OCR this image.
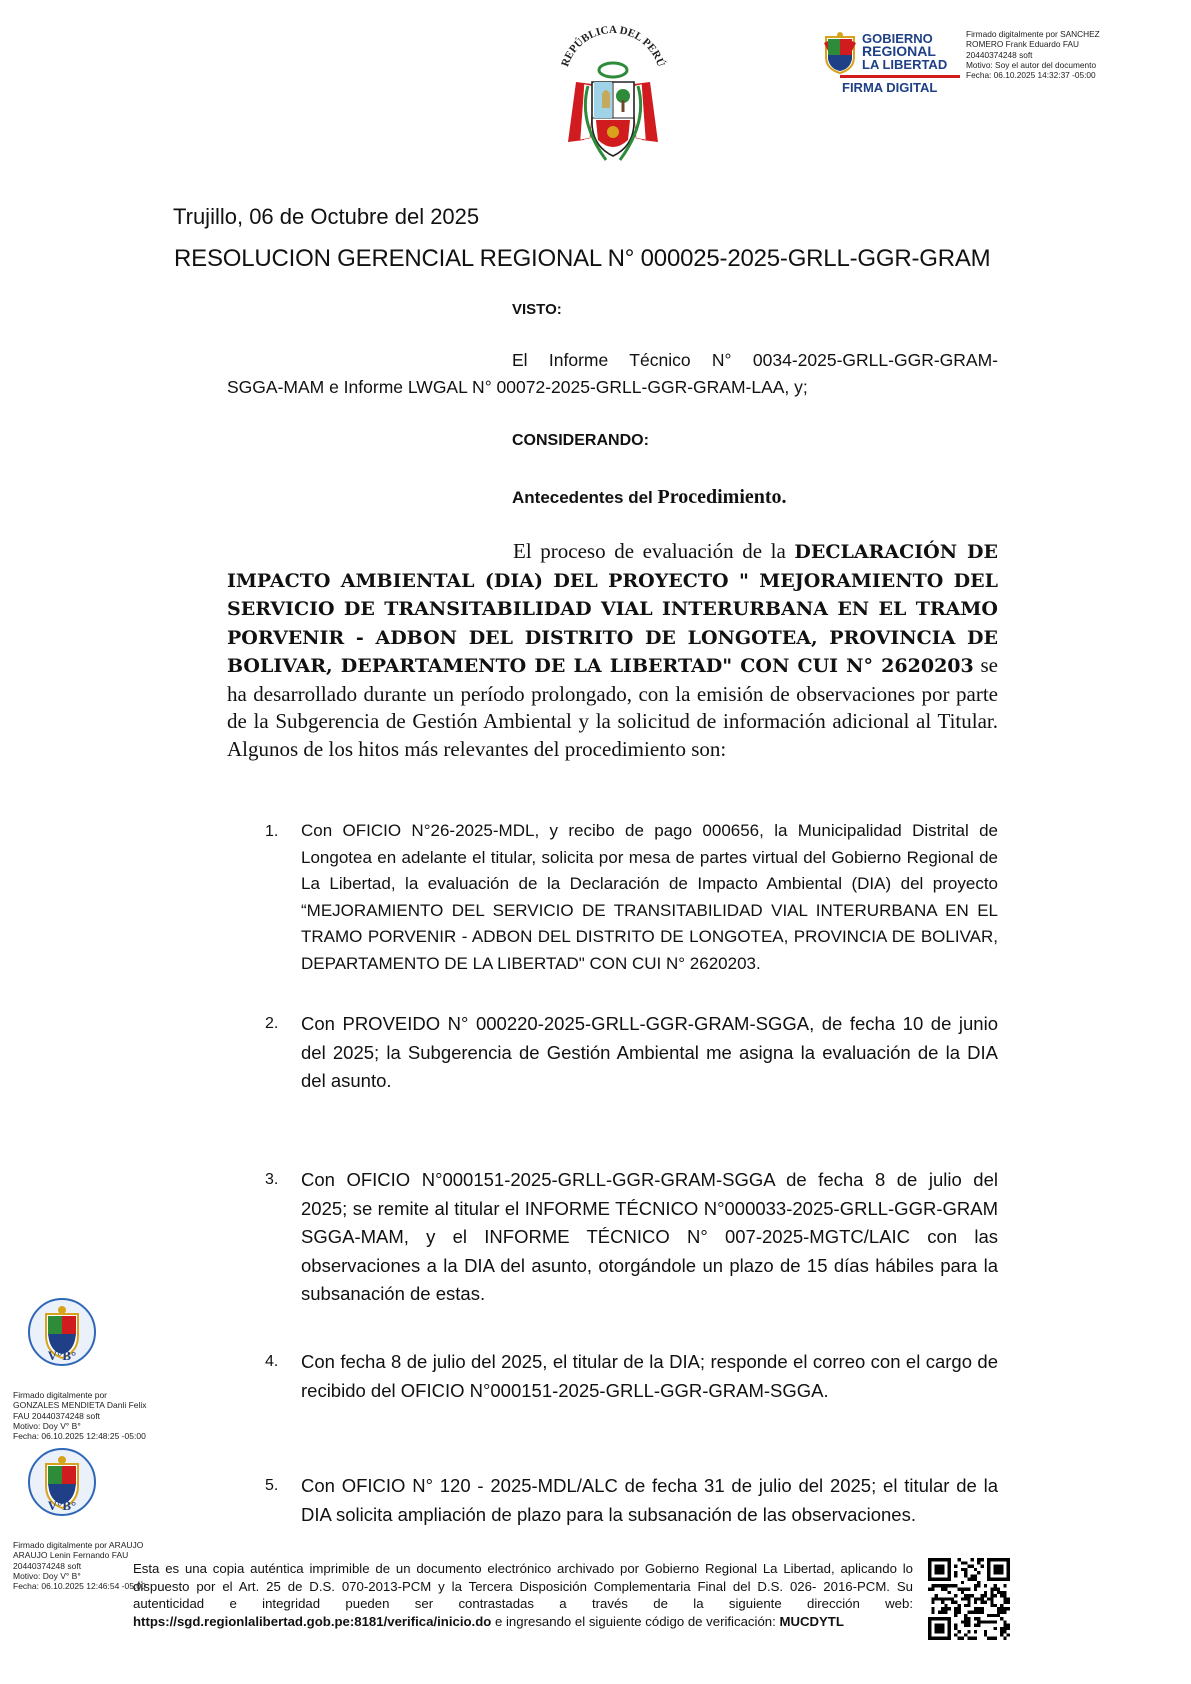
REPÚBLICA DEL PERÚ
GOBIERNO
REGIONAL
LA LIBERTAD
FIRMA DIGITAL
Firmado digitalmente por SANCHEZ
ROMERO Frank Eduardo FAU
20440374248 soft
Motivo: Soy el autor del documento
Fecha: 06.10.2025 14:32:37 -05:00
Trujillo, 06 de Octubre del 2025
RESOLUCION GERENCIAL REGIONAL N° 000025-2025-GRLL-GGR-GRAM
VISTO:
El Informe Técnico N° 0034-2025-GRLL-GGR-GRAM-
SGGA-MAM e Informe LWGAL N° 00072-2025-GRLL-GGR-GRAM-LAA, y;
CONSIDERANDO:
Antecedentes del Procedimiento.
El proceso de evaluación de la DECLARACIÓN DE IMPACTO AMBIENTAL (DIA) DEL PROYECTO " MEJORAMIENTO DEL SERVICIO DE TRANSITABILIDAD VIAL INTERURBANA EN EL TRAMO PORVENIR - ADBON DEL DISTRITO DE LONGOTEA, PROVINCIA DE BOLIVAR, DEPARTAMENTO DE LA LIBERTAD" CON CUI N° 2620203 se ha desarrollado durante un período prolongado, con la emisión de observaciones por parte de la Subgerencia de Gestión Ambiental y la solicitud de información adicional al Titular. Algunos de los hitos más relevantes del procedimiento son:
1.	Con OFICIO N°26-2025-MDL, y recibo de pago 000656, la Municipalidad Distrital de Longotea en adelante el titular, solicita por mesa de partes virtual del Gobierno Regional de La Libertad, la evaluación de la Declaración de Impacto Ambiental (DIA) del proyecto “MEJORAMIENTO DEL SERVICIO DE TRANSITABILIDAD VIAL INTERURBANA EN EL TRAMO PORVENIR - ADBON DEL DISTRITO DE LONGOTEA, PROVINCIA DE BOLIVAR, DEPARTAMENTO DE LA LIBERTAD" CON CUI N° 2620203.
2.	Con PROVEIDO N° 000220-2025-GRLL-GGR-GRAM-SGGA, de fecha 10 de junio del 2025; la Subgerencia de Gestión Ambiental me asigna la evaluación de la DIA del asunto.
3.	Con OFICIO N°000151-2025-GRLL-GGR-GRAM-SGGA de fecha 8 de julio del 2025; se remite al titular el INFORME TÉCNICO N°000033-2025-GRLL-GGR-GRAM SGGA-MAM, y el INFORME TÉCNICO N° 007-2025-MGTC/LAIC con las observaciones a la DIA del asunto, otorgándole un plazo de 15 días hábiles para la subsanación de estas.
4.	Con fecha 8 de julio del 2025, el titular de la DIA; responde el correo con el cargo de recibido del OFICIO N°000151-2025-GRLL-GGR-GRAM-SGGA.
5.	Con OFICIO N° 120 - 2025-MDL/ALC de fecha 31 de julio del 2025; el titular de la DIA solicita ampliación de plazo para la subsanación de las observaciones.
V°B°
Firmado digitalmente por
GONZALES MENDIETA Danli Felix
FAU 20440374248 soft
Motivo: Doy V° B°
Fecha: 06.10.2025 12:48:25 -05:00
V°B°
Firmado digitalmente por ARAUJO
ARAUJO Lenin Fernando FAU
20440374248 soft
Motivo: Doy V° B°
Fecha: 06.10.2025 12:46:54 -05:00
Esta es una copia auténtica imprimible de un documento electrónico archivado por Gobierno Regional La Libertad, aplicando lo dispuesto por el Art. 25 de D.S. 070-2013-PCM y la Tercera Disposición Complementaria Final del D.S. 026- 2016-PCM. Su autenticidad e integridad pueden ser contrastadas a través de la siguiente dirección web: https://sgd.regionlalibertad.gob.pe:8181/verifica/inicio.do e ingresando el siguiente código de verificación: MUCDYTL
